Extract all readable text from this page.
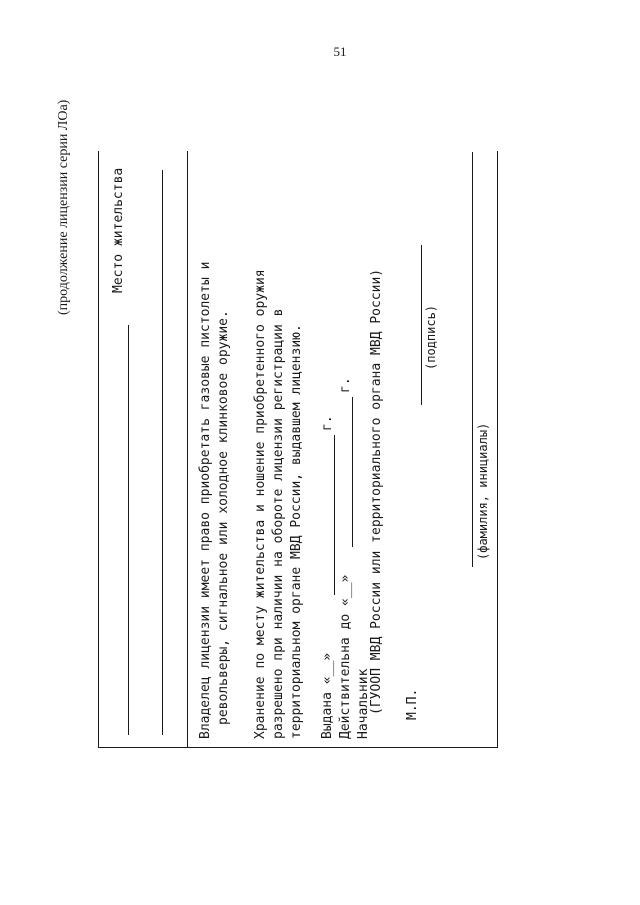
51
(продолжение лицензии серии ЛОа)	Место жительства
Владелец лицензии имеет право приобретать газовые пистолеты и револьверы, сигнальное или холодное клинковое оружие. Хранение по месту жительства и ношение приобретенного оружия разрешено при наличии на обороте лицензии регистрации в территориальном органе МВД России, выдавшем лицензию. Выдана «__»
г.
Действительна до «__»
г.
Начальник
(ГУООП МВД России или территориального органа МВД России) М.П.
(подпись)
(фамилия, инициалы)
